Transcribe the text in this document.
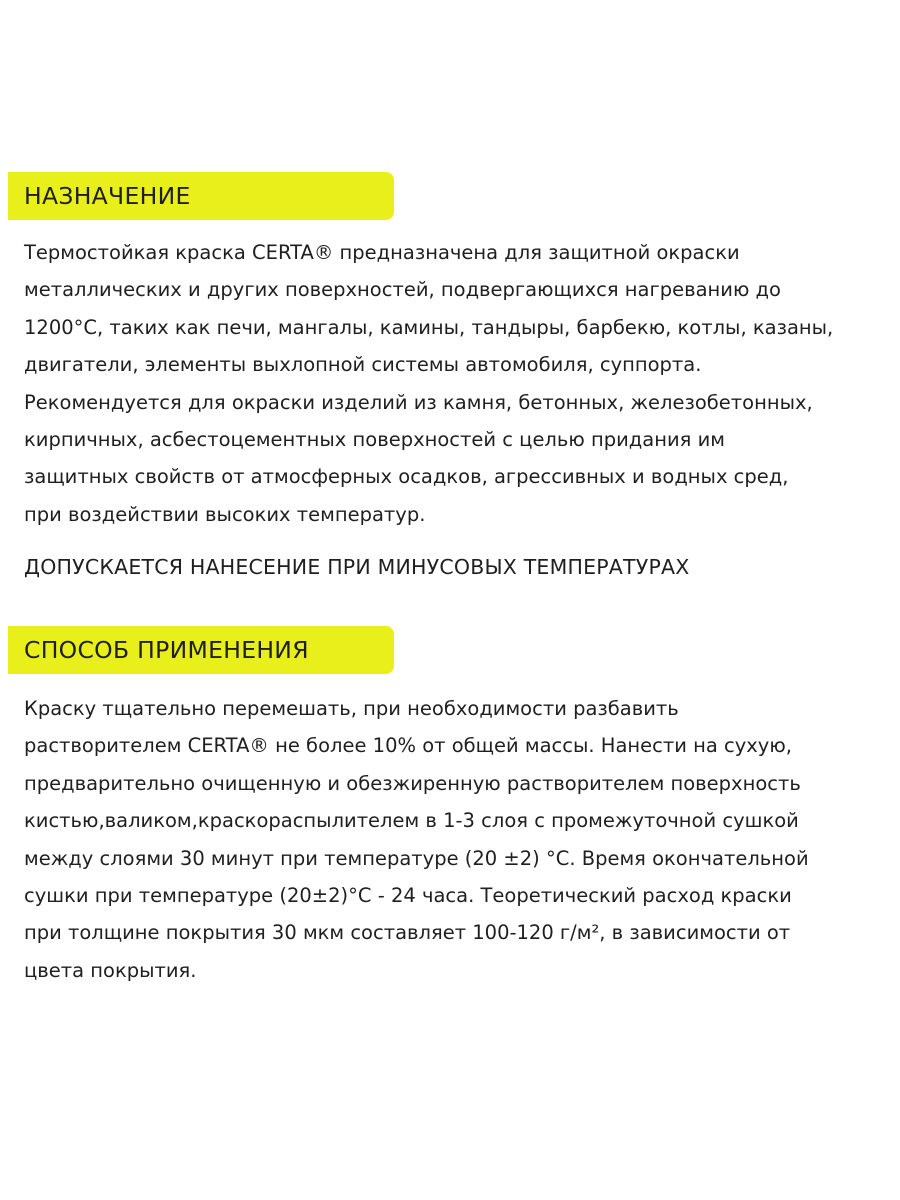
НАЗНАЧЕНИЕ
Термостойкая краска CERTA® предназначена для защитной окраски
металлических и других поверхностей, подвергающихся нагреванию до
1200°C, таких как печи, мангалы, камины, тандыры, барбекю, котлы, казаны,
двигатели, элементы выхлопной системы автомобиля, суппорта.
Рекомендуется для окраски изделий из камня, бетонных, железобетонных,
кирпичных, асбестоцементных поверхностей с целью придания им
защитных свойств от атмосферных осадков, агрессивных и водных сред,
при воздействии высоких температур.
ДОПУСКАЕТСЯ НАНЕСЕНИЕ ПРИ МИНУСОВЫХ ТЕМПЕРАТУРАХ
СПОСОБ ПРИМЕНЕНИЯ
Краску тщательно перемешать, при необходимости разбавить
растворителем CERTA® не более 10% от общей массы. Нанести на сухую,
предварительно очищенную и обезжиренную растворителем поверхность
кистью,валиком,краскораспылителем в 1-3 слоя с промежуточной сушкой
между слоями 30 минут при температуре (20 ±2) °C. Время окончательной
сушки при температуре (20±2)°C - 24 часа. Теоретический расход краски
при толщине покрытия 30 мкм составляет 100-120 г/м², в зависимости от
цвета покрытия.
